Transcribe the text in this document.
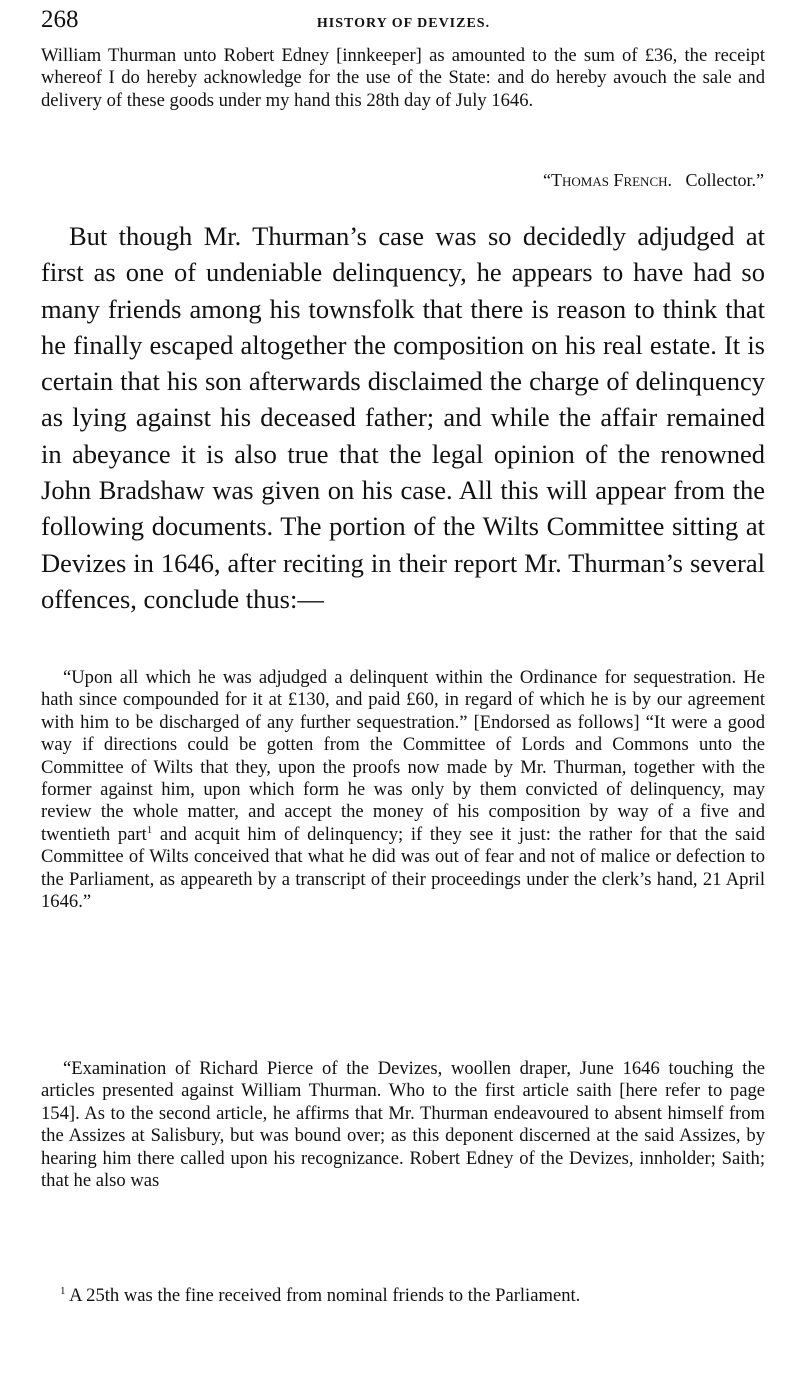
268	HISTORY OF DEVIZES.

William Thurman unto Robert Edney [innkeeper] as amounted to the sum of £36, the receipt whereof I do hereby acknowledge for the use of the State: and do hereby avouch the sale and delivery of these goods under my hand this 28th day of July 1646.

“Thomas French. Collector.”

But though Mr. Thurman’s case was so decidedly adjudged at first as one of undeniable delinquency, he appears to have had so many friends among his townsfolk that there is reason to think that he finally escaped altogether the composition on his real estate. It is certain that his son afterwards disclaimed the charge of delinquency as lying against his deceased father; and while the affair remained in abeyance it is also true that the legal opinion of the renowned John Bradshaw was given on his case. All this will appear from the following documents. The portion of the Wilts Committee sitting at Devizes in 1646, after reciting in their report Mr. Thurman’s several offences, conclude thus:—

“Upon all which he was adjudged a delinquent within the Ordinance for sequestration. He hath since compounded for it at £130, and paid £60, in regard of which he is by our agreement with him to be discharged of any further sequestration.” [Endorsed as follows] “It were a good way if directions could be gotten from the Committee of Lords and Commons unto the Committee of Wilts that they, upon the proofs now made by Mr. Thurman, together with the former against him, upon which form he was only by them convicted of delinquency, may review the whole matter, and accept the money of his composition by way of a five and twentieth part$^1$ and acquit him of delinquency; if they see it just: the rather for that the said Committee of Wilts conceived that what he did was out of fear and not of malice or defection to the Parliament, as appeareth by a transcript of their proceedings under the clerk’s hand, 21 April 1646.”

“Examination of Richard Pierce of the Devizes, woollen draper, June 1646 touching the articles presented against William Thurman. Who to the first article saith [here refer to page 154]. As to the second article, he affirms that Mr. Thurman endeavoured to absent himself from the Assizes at Salisbury, but was bound over; as this deponent discerned at the said Assizes, by hearing him there called upon his recognizance. Robert Edney of the Devizes, innholder; Saith; that he also was

$^1$ A 25th was the fine received from nominal friends to the Parliament.
